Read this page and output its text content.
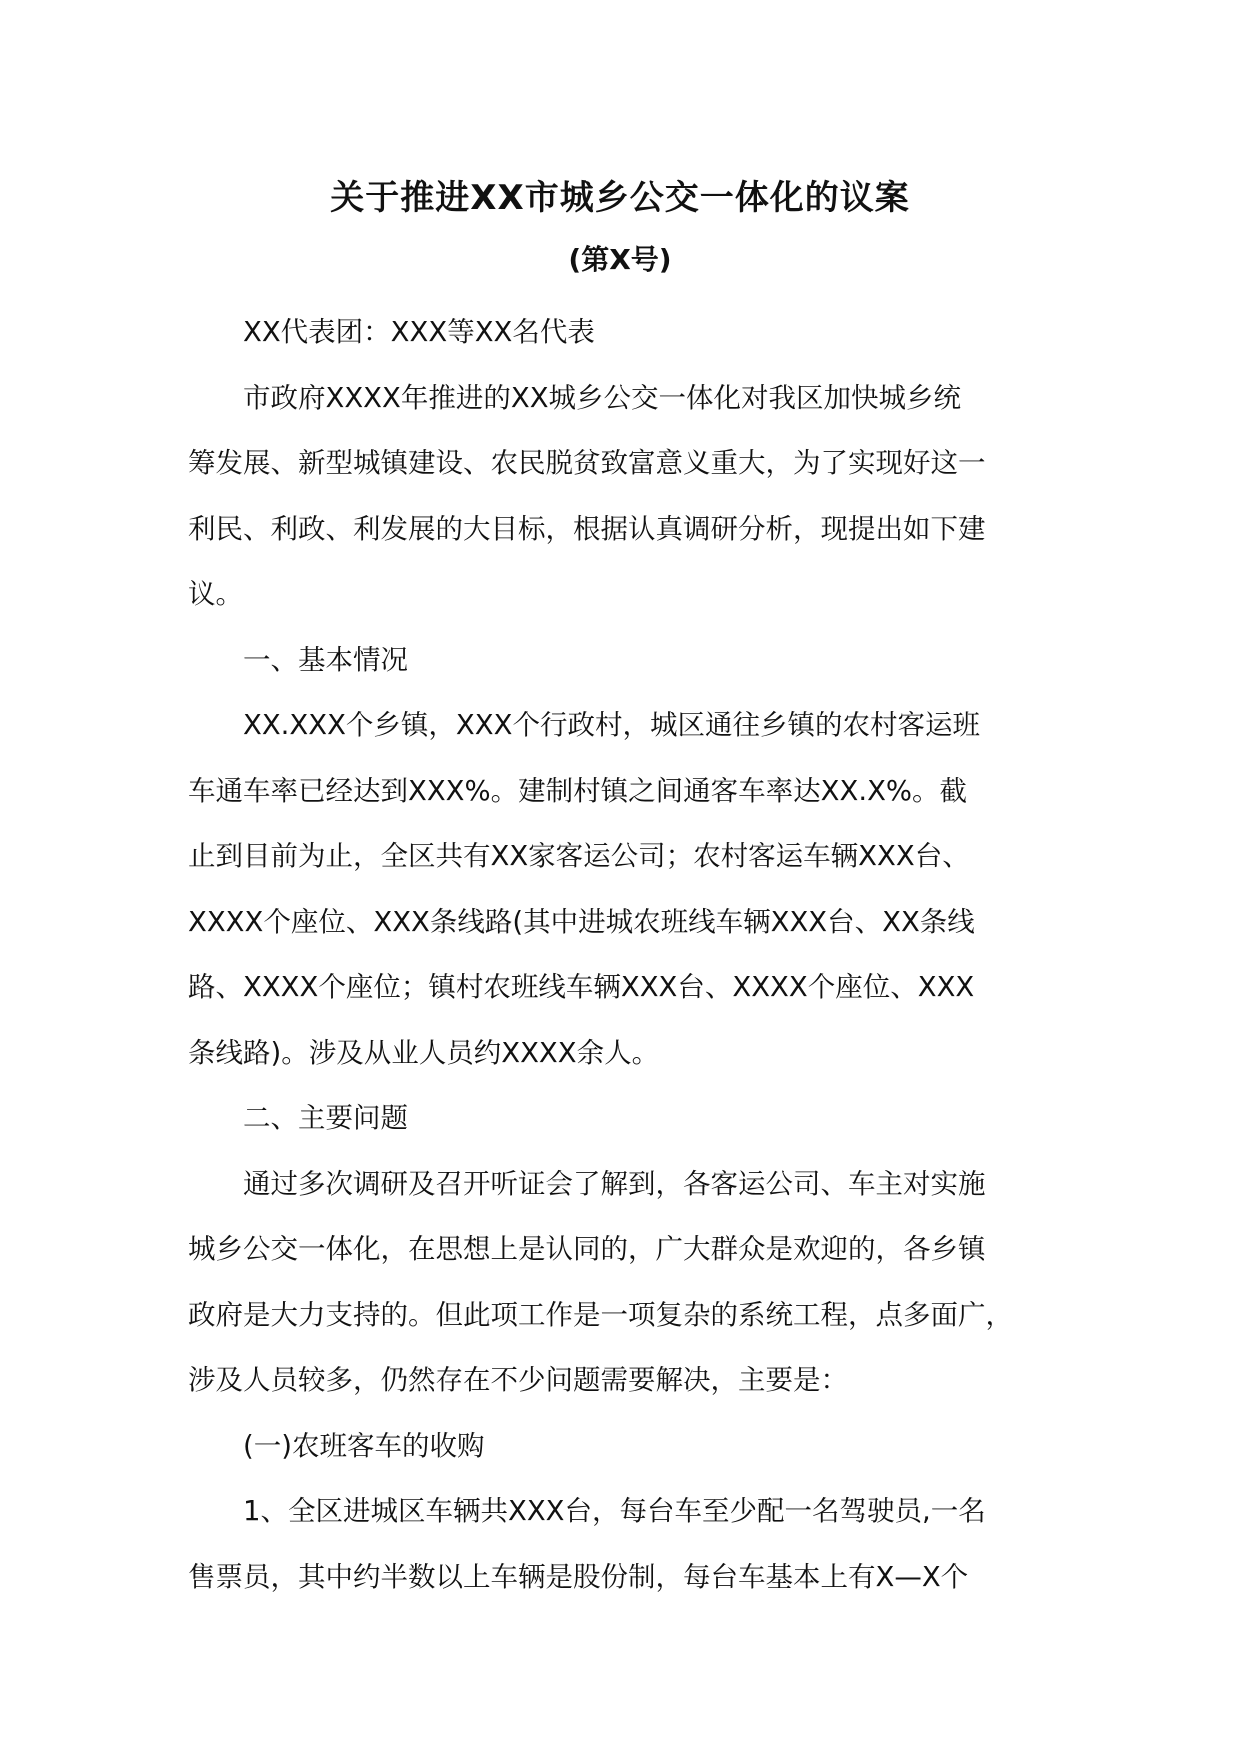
关于推进XX市城乡公交一体化的议案
(第X号)

XX代表团：XXX等XX名代表

市政府XXXX年推进的XX城乡公交一体化对我区加快城乡统

筹发展、新型城镇建设、农民脱贫致富意义重大，为了实现好这一

利民、利政、利发展的大目标，根据认真调研分析，现提出如下建

议。

一、基本情况

XX.XXX个乡镇，XXX个行政村，城区通往乡镇的农村客运班

车通车率已经达到XXX%。建制村镇之间通客车率达XX.X%。截

止到目前为止，全区共有XX家客运公司；农村客运车辆XXX台、

XXXX个座位、XXX条线路(其中进城农班线车辆XXX台、XX条线

路、XXXX个座位；镇村农班线车辆XXX台、XXXX个座位、XXX

条线路)。涉及从业人员约XXXX余人。

二、主要问题

通过多次调研及召开听证会了解到，各客运公司、车主对实施

城乡公交一体化，在思想上是认同的，广大群众是欢迎的，各乡镇

政府是大力支持的。但此项工作是一项复杂的系统工程，点多面广，

涉及人员较多，仍然存在不少问题需要解决，主要是：

(一)农班客车的收购

1、全区进城区车辆共XXX台，每台车至少配一名驾驶员,一名

售票员，其中约半数以上车辆是股份制，每台车基本上有X—X个
